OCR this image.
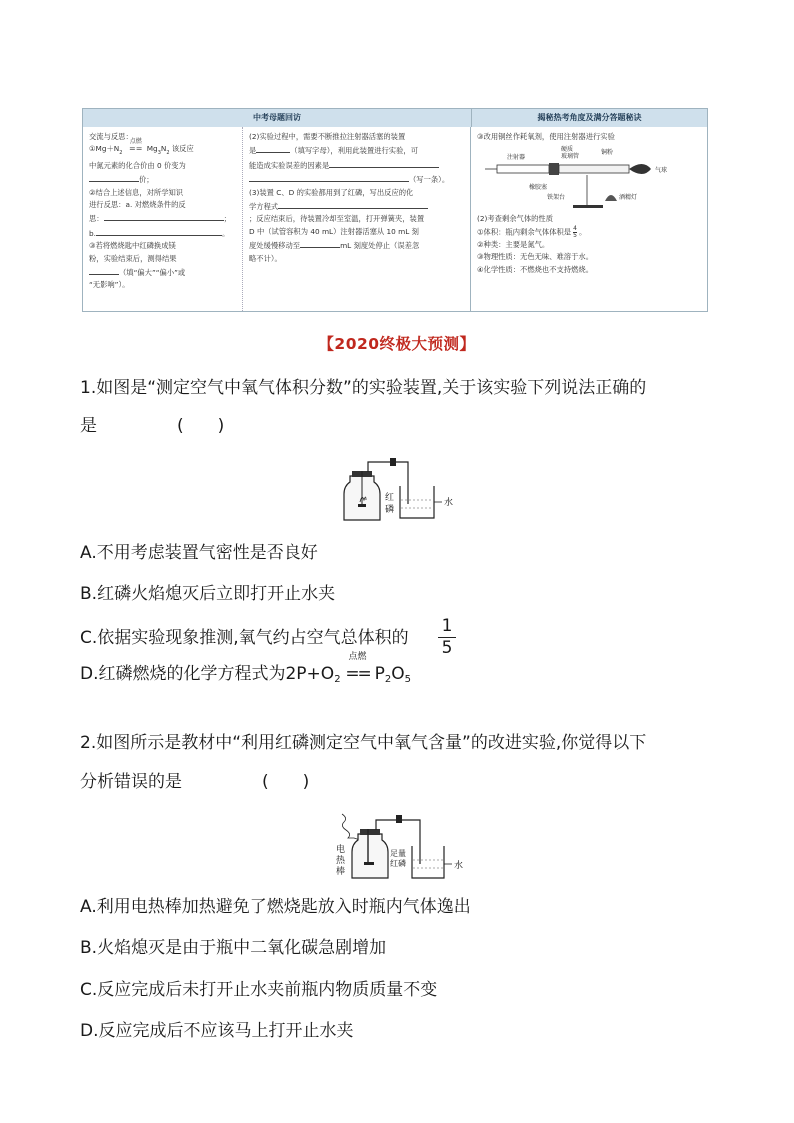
中考母题回访	揭秘热考角度及满分答题秘诀
交流与反思：
$①Mg+N_2$
点燃
== $Mg_3N_2$ 该反应
中氮元素的化合价由 0 价变为
价；
②结合上述信息，对所学知识
进行反思：a. 对燃烧条件的反
思：	；
b.	。
③若将燃烧匙中红磷换成镁
粉，实验结束后，测得结果
（填“偏大”“偏小”或
“无影响”）。
(2)实验过程中，需要不断推拉注射器活塞的装置
是	（填写字母），利用此装置进行实验，可
能造成实验误差的因素是
（写一条）。
(3)装置 C、D 的实验都用到了红磷，写出反应的化
学方程式
；反应结束后，待装置冷却至室温，打开弹簧夹，装置
D 中（试管容积为 40 mL）注射器活塞从 10 mL 刻
度处缓慢移动至	mL 刻度处停止（误差忽
略不计）。
③改用铜丝作耗氧剂，使用注射器进行实验
注射器
硬质
玻璃管
铜粉
气球
橡胶塞
铁架台	酒精灯
(2)考查剩余气体的性质
①体积：瓶内剩余气体体积是 $\frac{4}{5}$ 。
②种类：主要是氮气。
③物理性质：无色无味、难溶于水。
④化学性质：不燃烧也不支持燃烧。
【2020终极大预测】
1.如图是“测定空气中氧气体积分数”的实验装置,关于该实验下列说法正确的
是	(　　)
红
磷
水
A.不用考虑装置气密性是否良好
B.红磷火焰熄灭后立即打开止水夹
C.依据实验现象推测,氧气约占空气总体积的 $\frac{1}{5}$
D.红磷燃烧的化学方程式为$2P+O_2$
点燃
== $P_2O_5$
2.如图所示是教材中“利用红磷测定空气中氧气含量”的改进实验,你觉得以下
分析错误的是	(　　)
电
热
棒
足量
红磷	水
A.利用电热棒加热避免了燃烧匙放入时瓶内气体逸出
B.火焰熄灭是由于瓶中二氧化碳急剧增加
C.反应完成后未打开止水夹前瓶内物质质量不变
D.反应完成后不应该马上打开止水夹
